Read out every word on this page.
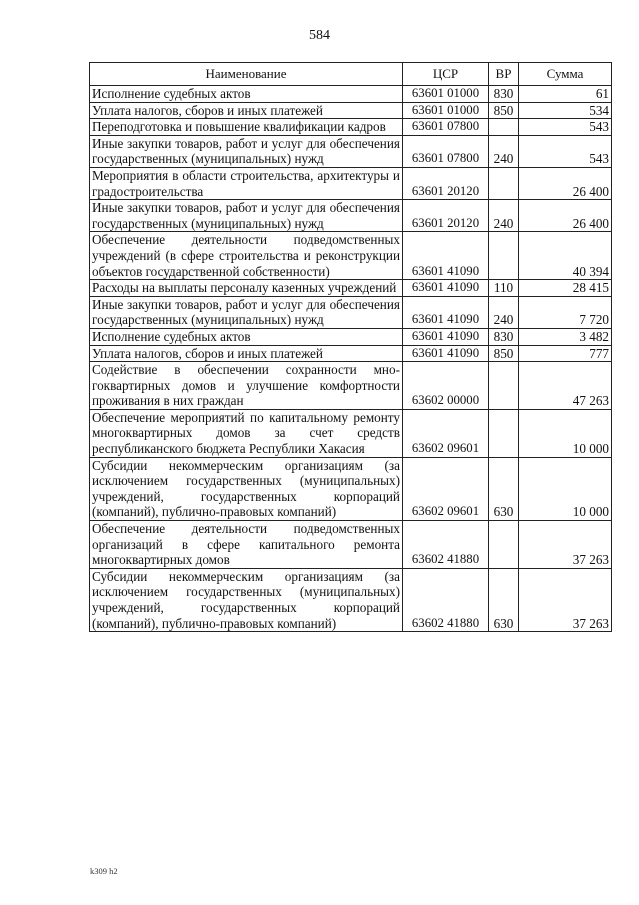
584
Наименование	ЦСР	ВР	Сумма
Исполнение судебных актов	63601 01000	830	61
Уплата налогов, сборов и иных платежей	63601 01000	850	534
Переподготовка и повышение квалификации кадров	63601 07800		543
Иные закупки товаров, работ и услуг для обеспечения государственных (муниципальных) нужд	63601 07800	240	543
Мероприятия в области строительства, архитектуры и градостроительства	63601 20120		26 400
Иные закупки товаров, работ и услуг для обеспечения государственных (муниципальных) нужд	63601 20120	240	26 400
Обеспечение деятельности подведомственных учреждений (в сфере строительства и реконструкции объектов государственной собственности)	63601 41090		40 394
Расходы на выплаты персоналу казенных учреждений	63601 41090	110	28 415
Иные закупки товаров, работ и услуг для обеспечения государственных (муниципальных) нужд	63601 41090	240	7 720
Исполнение судебных актов	63601 41090	830	3 482
Уплата налогов, сборов и иных платежей	63601 41090	850	777
Содействие в обеспечении сохранности многоквартирных домов и улучшение комфортности проживания в них граждан	63602 00000		47 263
Обеспечение мероприятий по капитальному ремонту многоквартирных домов за счет средств республиканского бюджета Республики Хакасия	63602 09601		10 000
Субсидии некоммерческим организациям (за исключением государственных (муниципальных) учреждений, государственных корпораций (компаний), публично-правовых компаний)	63602 09601	630	10 000
Обеспечение деятельности подведомственных организаций в сфере капитального ремонта многоквартирных домов	63602 41880		37 263
Субсидии некоммерческим организациям (за исключением государственных (муниципальных) учреждений, государственных корпораций (компаний), публично-правовых компаний)	63602 41880	630	37 263
k309 h2
